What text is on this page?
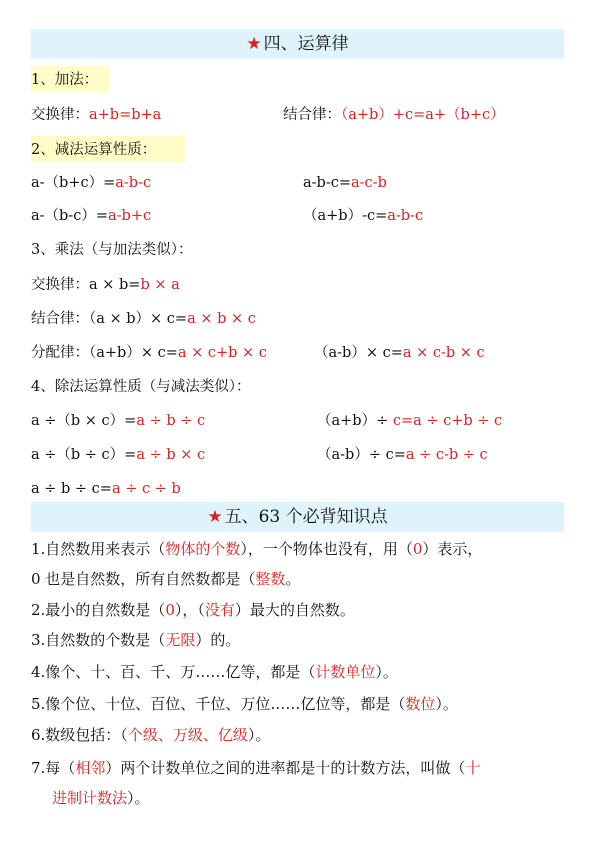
★ 四、运算律
1、加法：
交换律：a+b=b+a	结合律：（a+b）+c=a+（b+c）
2、减法运算性质：
a-（b+c）=a-b-c	a-b-c=a-c-b
a-（b-c）=a-b+c	（a+b）-c=a-b-c
3、乘法（与加法类似）：
交换律：a × b=b × a
结合律：（a × b）× c=a × b × c
分配律：（a+b）× c=a × c+b × c	（a-b）× c=a × c-b × c
4、除法运算性质（与减法类似）：
a ÷（b × c）=a ÷ b ÷ c	（a+b）÷ c=a ÷ c+b ÷ c
a ÷（b ÷ c）=a ÷ b × c	（a-b）÷ c=a ÷ c-b ÷ c
a ÷ b ÷ c=a ÷ c ÷ b
★ 五、63 个必背知识点
1.自然数用来表示（物体的个数），一个物体也没有，用（0）表示，
0 也是自然数，所有自然数都是（整数。
2.最小的自然数是（0），（没有）最大的自然数。
3.自然数的个数是（无限）的。
4.像个、十、百、千、万……亿等，都是（计数单位）。
5.像个位、十位、百位、千位、万位……亿位等，都是（数位）。
6.数级包括：（个级、万级、亿级）。
7.每（相邻）两个计数单位之间的进率都是十的计数方法，叫做（十
进制计数法）。
